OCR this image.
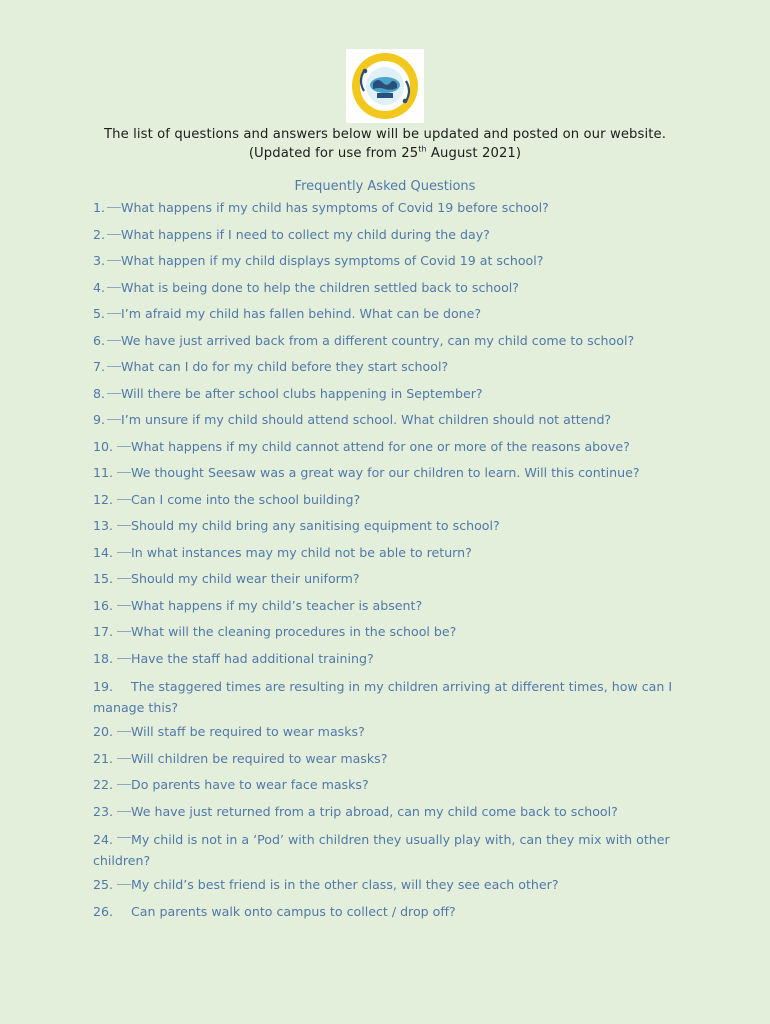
The list of questions and answers below will be updated and posted on our website.
(Updated for use from 25th August 2021)
Frequently Asked Questions
1. What happens if my child has symptoms of Covid 19 before school?
2. What happens if I need to collect my child during the day?
3. What happen if my child displays symptoms of Covid 19 at school?
4. What is being done to help the children settled back to school?
5. I’m afraid my child has fallen behind. What can be done?
6. We have just arrived back from a different country, can my child come to school?
7. What can I do for my child before they start school?
8. Will there be after school clubs happening in September?
9. I’m unsure if my child should attend school. What children should not attend?
10. What happens if my child cannot attend for one or more of the reasons above?
11. We thought Seesaw was a great way for our children to learn. Will this continue?
12. Can I come into the school building?
13. Should my child bring any sanitising equipment to school?
14. In what instances may my child not be able to return?
15. Should my child wear their uniform?
16. What happens if my child’s teacher is absent?
17. What will the cleaning procedures in the school be?
18. Have the staff had additional training?
19. The staggered times are resulting in my children arriving at different times, how can I manage this?
20. Will staff be required to wear masks?
21. Will children be required to wear masks?
22. Do parents have to wear face masks?
23. We have just returned from a trip abroad, can my child come back to school?
24. My child is not in a ‘Pod’ with children they usually play with, can they mix with other children?
25. My child’s best friend is in the other class, will they see each other?
26. Can parents walk onto campus to collect / drop off?
